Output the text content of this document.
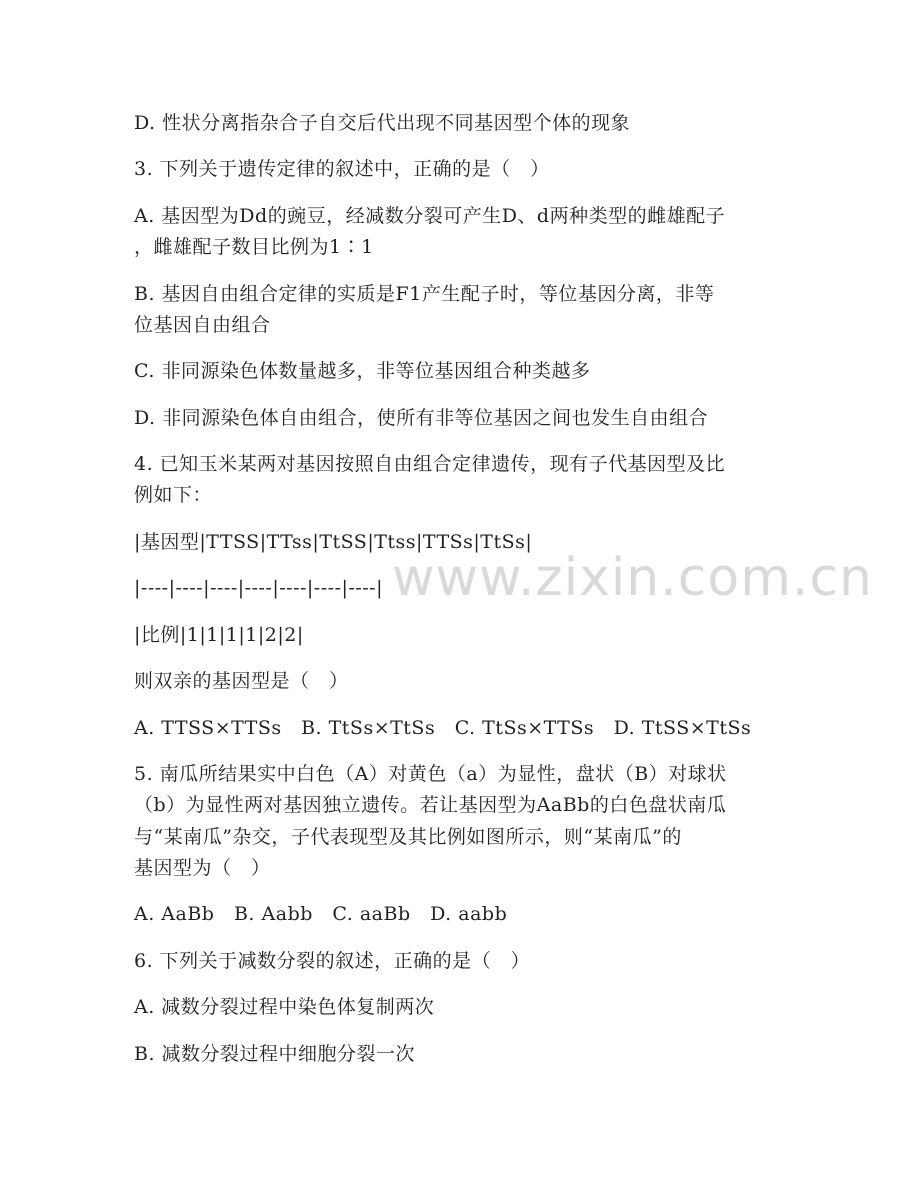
www.zixin.com.cn
D. 性状分离指杂合子自交后代出现不同基因型个体的现象
3. 下列关于遗传定律的叙述中，正确的是（　）
A. 基因型为Dd的豌豆，经减数分裂可产生D、d两种类型的雌雄配子
，雌雄配子数目比例为1∶1
B. 基因自由组合定律的实质是F1产生配子时，等位基因分离，非等
位基因自由组合
C. 非同源染色体数量越多，非等位基因组合种类越多
D. 非同源染色体自由组合，使所有非等位基因之间也发生自由组合
4. 已知玉米某两对基因按照自由组合定律遗传，现有子代基因型及比
例如下：
|基因型|TTSS|TTss|TtSS|Ttss|TTSs|TtSs|
|----|----|----|----|----|----|----|
|比例|1|1|1|1|2|2|
则双亲的基因型是（　）
A. TTSS×TTSs　B. TtSs×TtSs　C. TtSs×TTSs　D. TtSS×TtSs
5. 南瓜所结果实中白色（A）对黄色（a）为显性，盘状（B）对球状
（b）为显性两对基因独立遗传。若让基因型为AaBb的白色盘状南瓜
与“某南瓜”杂交，子代表现型及其比例如图所示，则“某南瓜”的
基因型为（　）
A. AaBb　B. Aabb　C. aaBb　D. aabb
6. 下列关于减数分裂的叙述，正确的是（　）
A. 减数分裂过程中染色体复制两次
B. 减数分裂过程中细胞分裂一次
